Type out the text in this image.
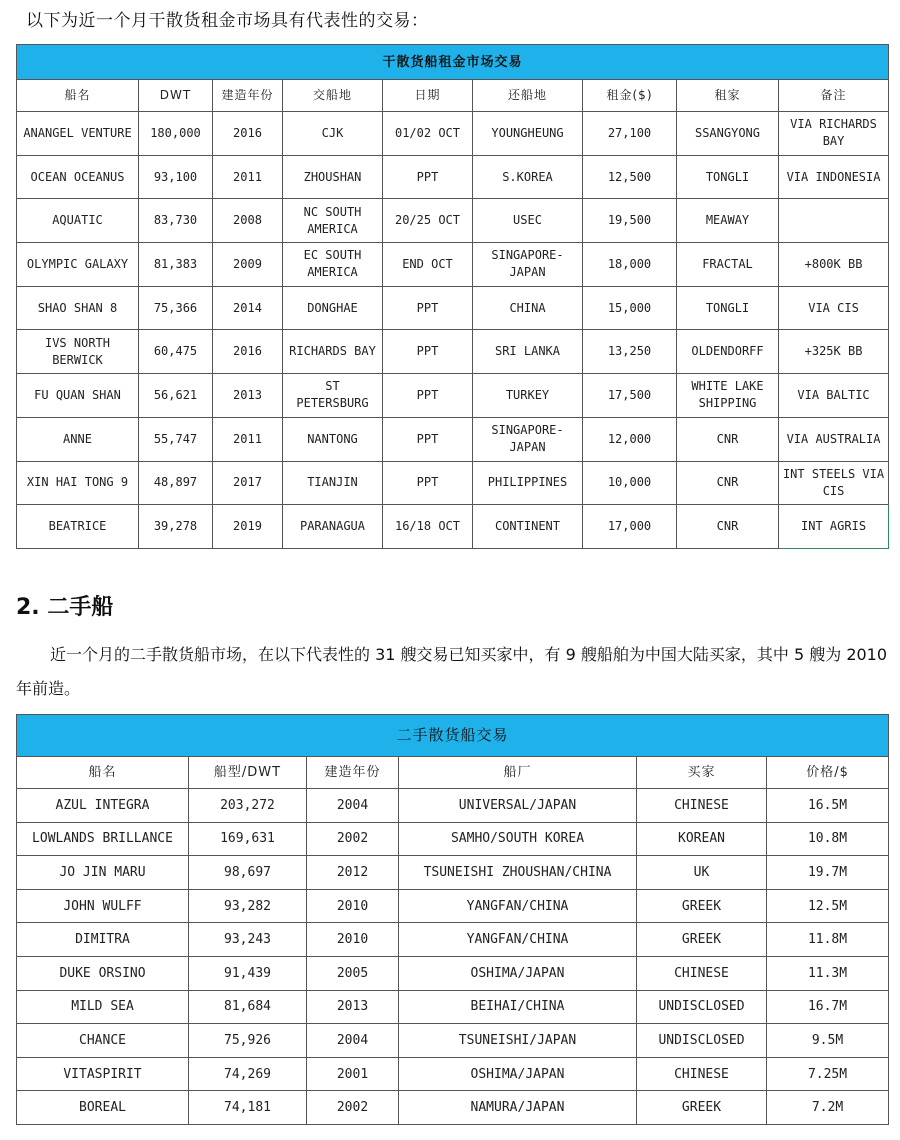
以下为近一个月干散货租金市场具有代表性的交易：
干散货船租金市场交易								
船名	DWT	建造年份	交船地	日期	还船地	租金($)	租家	备注
ANANGEL VENTURE	180,000	2016	CJK	01/02 OCT	YOUNGHEUNG	27,100	SSANGYONG	VIA RICHARDS BAY
OCEAN OCEANUS	93,100	2011	ZHOUSHAN	PPT	S.KOREA	12,500	TONGLI	VIA INDONESIA
AQUATIC	83,730	2008	NC SOUTH AMERICA	20/25 OCT	USEC	19,500	MEAWAY	
OLYMPIC GALAXY	81,383	2009	EC SOUTH AMERICA	END OCT	SINGAPORE-JAPAN	18,000	FRACTAL	+800K BB
SHAO SHAN 8	75,366	2014	DONGHAE	PPT	CHINA	15,000	TONGLI	VIA CIS
IVS NORTH BERWICK	60,475	2016	RICHARDS BAY	PPT	SRI LANKA	13,250	OLDENDORFF	+325K BB
FU QUAN SHAN	56,621	2013	ST PETERSBURG	PPT	TURKEY	17,500	WHITE LAKE SHIPPING	VIA BALTIC
ANNE	55,747	2011	NANTONG	PPT	SINGAPORE-JAPAN	12,000	CNR	VIA AUSTRALIA
XIN HAI TONG 9	48,897	2017	TIANJIN	PPT	PHILIPPINES	10,000	CNR	INT STEELS VIA CIS
BEATRICE	39,278	2019	PARANAGUA	16/18 OCT	CONTINENT	17,000	CNR	INT AGRIS
2. 二手船
近一个月的二手散货船市场，在以下代表性的 31 艘交易已知买家中，有 9 艘船舶为中国大陆买家，其中 5 艘为 2010 年前造。
二手散货船交易					
船名	船型/DWT	建造年份	船厂	买家	价格/$
AZUL INTEGRA	203,272	2004	UNIVERSAL/JAPAN	CHINESE	16.5M
LOWLANDS BRILLANCE	169,631	2002	SAMHO/SOUTH KOREA	KOREAN	10.8M
JO JIN MARU	98,697	2012	TSUNEISHI ZHOUSHAN/CHINA	UK	19.7M
JOHN WULFF	93,282	2010	YANGFAN/CHINA	GREEK	12.5M
DIMITRA	93,243	2010	YANGFAN/CHINA	GREEK	11.8M
DUKE ORSINO	91,439	2005	OSHIMA/JAPAN	CHINESE	11.3M
MILD SEA	81,684	2013	BEIHAI/CHINA	UNDISCLOSED	16.7M
CHANCE	75,926	2004	TSUNEISHI/JAPAN	UNDISCLOSED	9.5M
VITASPIRIT	74,269	2001	OSHIMA/JAPAN	CHINESE	7.25M
BOREAL	74,181	2002	NAMURA/JAPAN	GREEK	7.2M
